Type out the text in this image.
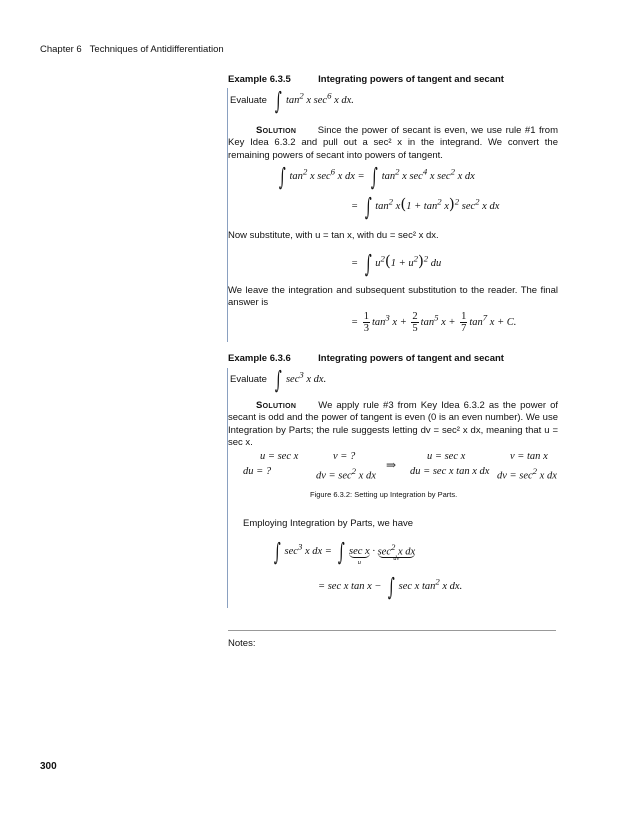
Chapter 6 Techniques of Antidifferentiation
Example 6.3.5	Integrating powers of tangent and secant
Evaluate ∫ $\tan^2 x$ $\sec^6 x$ dx.
Solution Since the power of secant is even, we use rule #1 from Key Idea 6.3.2 and pull out a sec² x in the integrand. We convert the remaining powers of secant into powers of tangent.
∫ $\tan^2 x$ $\sec^6 x$ dx = ∫ $\tan^2 x$ $\sec^4 x$ $\sec^2 x$ dx
= ∫ $\tan^2 x(1 + \tan^2 x)^2$ $\sec^2 x$ dx
Now substitute, with u = tan x, with du = sec² x dx.
= ∫ $u^2(1 + u^2)^2$ du
We leave the integration and subsequent substitution to the reader. The final answer is
= $\frac{1}{3} \tan^3 x + \frac{2}{5} \tan^5 x + \frac{1}{7} \tan^7 x + C$.
Example 6.3.6	Integrating powers of tangent and secant
Evaluate ∫ $\sec^3 x$ dx.
Solution We apply rule #3 from Key Idea 6.3.2 as the power of secant is odd and the power of tangent is even (0 is an even number). We use Integration by Parts; the rule suggests letting dv = sec² x dx, meaning that u = sec x.
u = sec x	v = ?
du = ?	dv = $\sec^2 x$ dx
⇒
u = sec x	v = tan x
du = sec x tan x dx dv = $\sec^2 x$ dx
Figure 6.3.2: Setting up Integration by Parts.
Employing Integration by Parts, we have
∫ $\sec^3 x$ dx = ∫ sec x
u
· $\sec^2 x$ dx
dv
= sec x tan x − ∫ sec x $\tan^2 x$ dx.
Notes:
300
